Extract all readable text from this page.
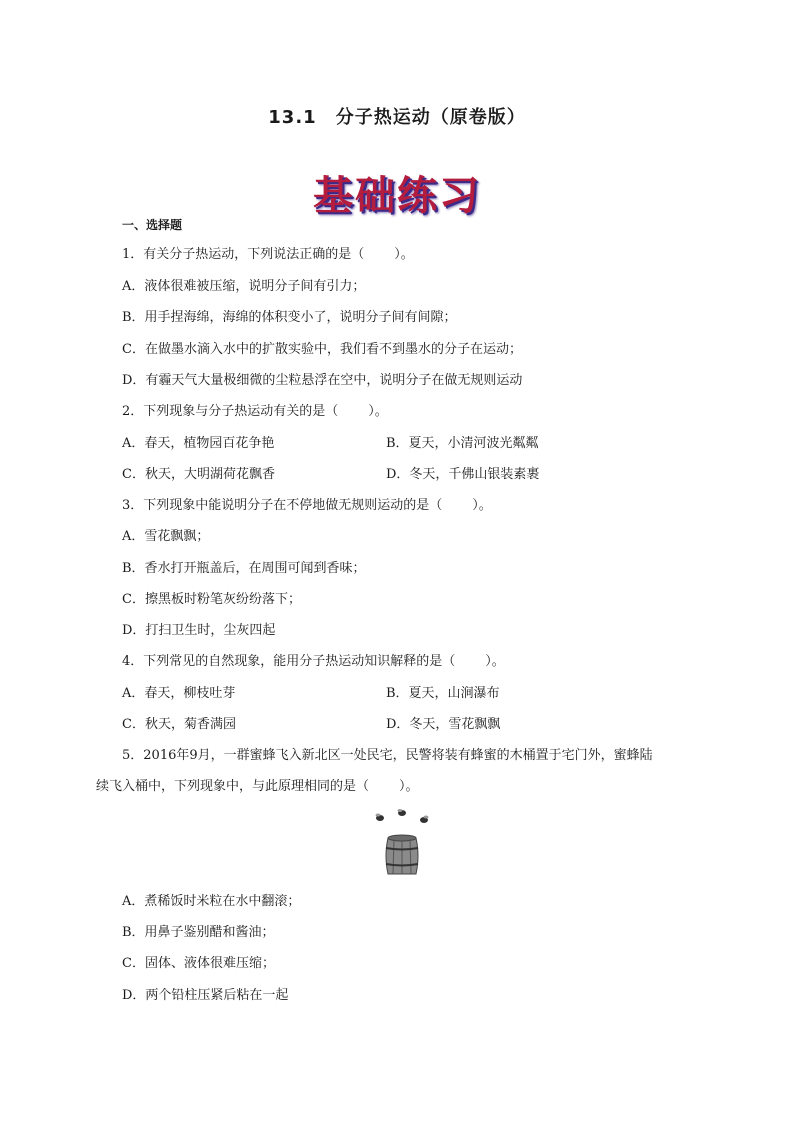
13.1　分子热运动（原卷版）
基础练习
一、选择题
1．有关分子热运动，下列说法正确的是（ ）。
A．液体很难被压缩，说明分子间有引力；
B．用手捏海绵，海绵的体积变小了，说明分子间有间隙；
C．在做墨水滴入水中的扩散实验中，我们看不到墨水的分子在运动；
D．有霾天气大量极细微的尘粒悬浮在空中，说明分子在做无规则运动
2．下列现象与分子热运动有关的是（ ）。
A．春天，植物园百花争艳	B．夏天，小清河波光粼粼
C．秋天，大明湖荷花飘香	D．冬天，千佛山银装素裹
3．下列现象中能说明分子在不停地做无规则运动的是（ ）。
A．雪花飘飘；
B．香水打开瓶盖后，在周围可闻到香味；
C．擦黑板时粉笔灰纷纷落下；
D．打扫卫生时，尘灰四起
4．下列常见的自然现象，能用分子热运动知识解释的是（ ）。
A．春天，柳枝吐芽	B．夏天，山涧瀑布
C．秋天，菊香满园	D．冬天，雪花飘飘
5．2016年9月，一群蜜蜂飞入新北区一处民宅，民警将装有蜂蜜的木桶置于宅门外，蜜蜂陆
续飞入桶中，下列现象中，与此原理相同的是（ ）。
A．煮稀饭时米粒在水中翻滚；
B．用鼻子鉴别醋和酱油；
C．固体、液体很难压缩；
D．两个铅柱压紧后粘在一起
